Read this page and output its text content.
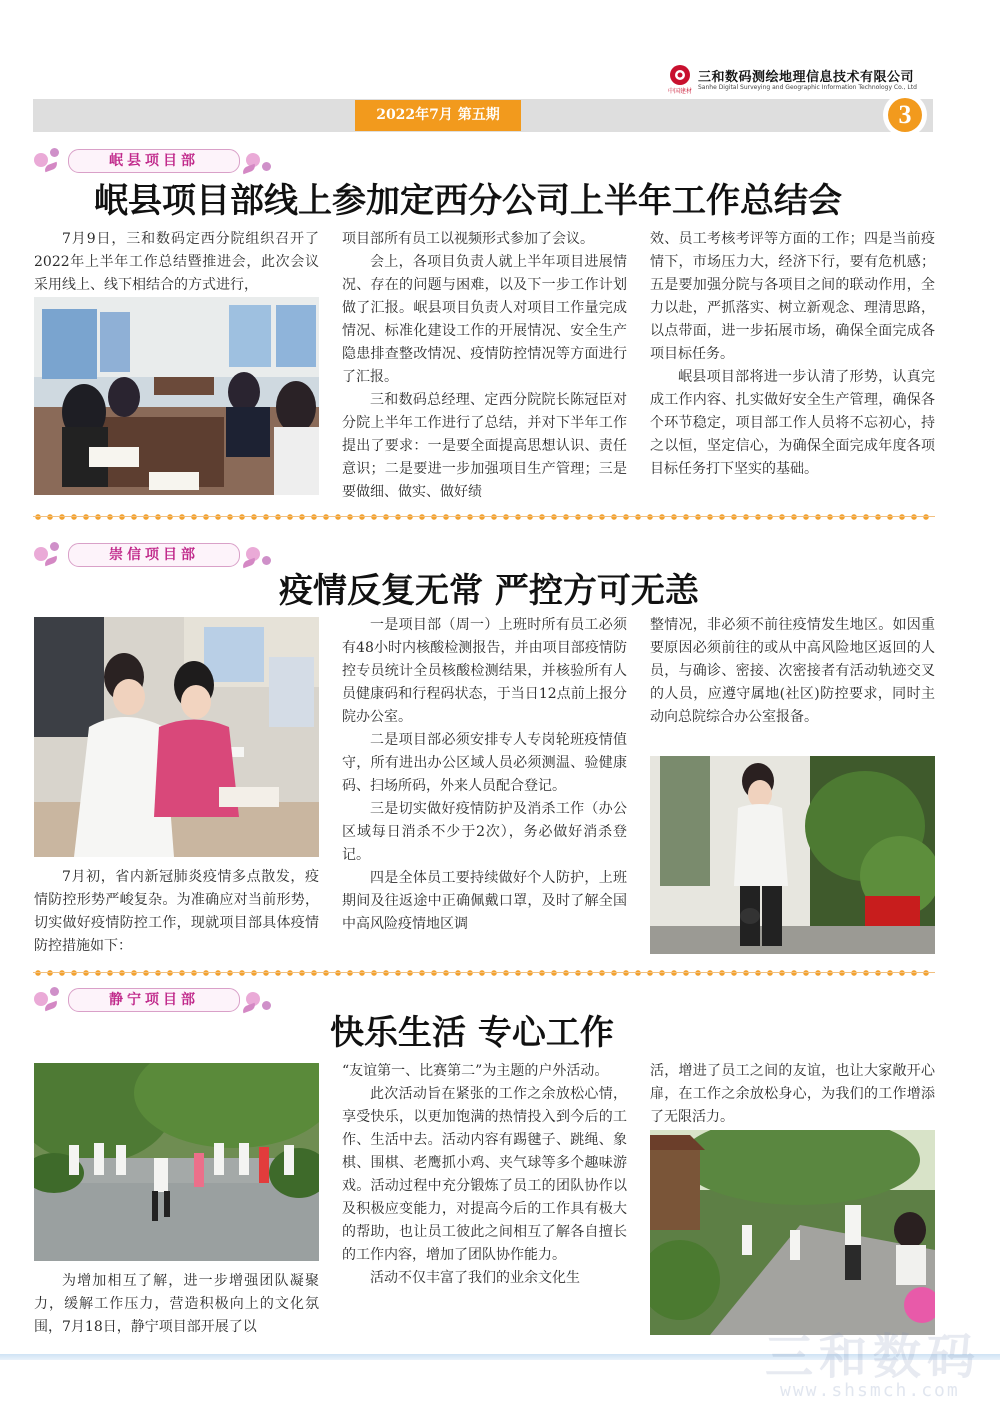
中国建材
三和数码测绘地理信息技术有限公司
Sanhe Digital Surveying and Geographic Information Technology Co., Ltd
2022年7月 第五期	3
岷县项目部
岷县项目部线上参加定西分公司上半年工作总结会

7月9日，三和数码定西分院组织召开了2022年上半年工作总结暨推进会，此次会议采用线上、线下相结合的方式进行，

项目部所有员工以视频形式参加了会议。

会上，各项目负责人就上半年项目进展情况、存在的问题与困难，以及下一步工作计划做了汇报。岷县项目负责人对项目工作量完成情况、标准化建设工作的开展情况、安全生产隐患排查整改情况、疫情防控情况等方面进行了汇报。

三和数码总经理、定西分院院长陈冠臣对分院上半年工作进行了总结，并对下半年工作提出了要求：一是要全面提高思想认识、责任意识；二是要进一步加强项目生产管理；三是要做细、做实、做好绩

效、员工考核考评等方面的工作；四是当前疫情下，市场压力大，经济下行，要有危机感；五是要加强分院与各项目之间的联动作用，全力以赴，严抓落实、树立新观念、理清思路，以点带面，进一步拓展市场，确保全面完成各项目标任务。

岷县项目部将进一步认清了形势，认真完成工作内容、扎实做好安全生产管理，确保各个环节稳定，项目部工作人员将不忘初心，持之以恒，坚定信心，为确保全面完成年度各项目标任务打下坚实的基础。

崇信项目部
疫情反复无常 严控方可无恙

7月初，省内新冠肺炎疫情多点散发，疫情防控形势严峻复杂。为准确应对当前形势，切实做好疫情防控工作，现就项目部具体疫情防控措施如下：

一是项目部（周一）上班时所有员工必须有48小时内核酸检测报告，并由项目部疫情防控专员统计全员核酸检测结果，并核验所有人员健康码和行程码状态，于当日12点前上报分院办公室。

二是项目部必须安排专人专岗轮班疫情值守，所有进出办公区域人员必须测温、验健康码、扫场所码，外来人员配合登记。

三是切实做好疫情防护及消杀工作（办公区域每日消杀不少于2次），务必做好消杀登记。

四是全体员工要持续做好个人防护，上班期间及往返途中正确佩戴口罩，及时了解全国中高风险疫情地区调

整情况，非必须不前往疫情发生地区。如因重要原因必须前往的或从中高风险地区返回的人员，与确诊、密接、次密接者有活动轨迹交叉的人员，应遵守属地(社区)防控要求，同时主动向总院综合办公室报备。

静宁项目部
快乐生活 专心工作

为增加相互了解，进一步增强团队凝聚力，缓解工作压力，营造积极向上的文化氛围，7月18日，静宁项目部开展了以

“友谊第一、比赛第二”为主题的户外活动。

此次活动旨在紧张的工作之余放松心情，享受快乐，以更加饱满的热情投入到今后的工作、生活中去。活动内容有踢毽子、跳绳、象棋、围棋、老鹰抓小鸡、夹气球等多个趣味游戏。活动过程中充分锻炼了员工的团队协作以及积极应变能力，对提高今后的工作具有极大的帮助，也让员工彼此之间相互了解各自擅长的工作内容，增加了团队协作能力。

活动不仅丰富了我们的业余文化生

活，增进了员工之间的友谊，也让大家敞开心扉，在工作之余放松身心，为我们的工作增添了无限活力。

三和数码
www.shsmch.com
